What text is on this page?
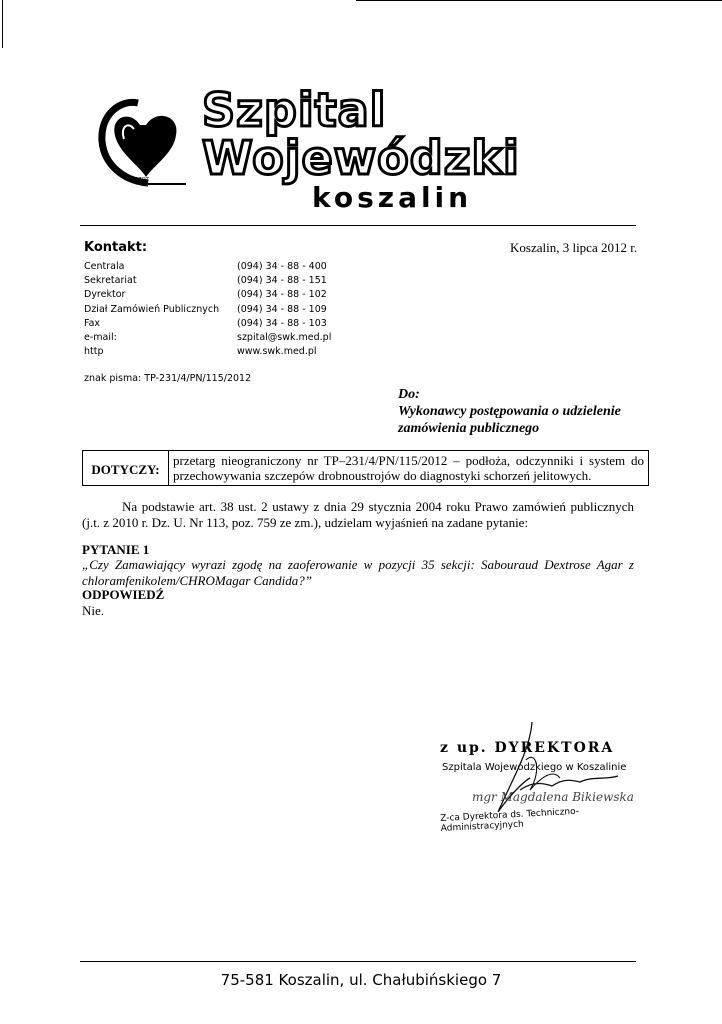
SPZOZ
Szpital
Wojewódzki
koszalin
Kontakt:
Centrala	(094) 34 - 88 - 400
Sekretariat	(094) 34 - 88 - 151
Dyrektor	(094) 34 - 88 - 102
Dział Zamówień Publicznych	(094) 34 - 88 - 109
Fax	(094) 34 - 88 - 103
e-mail:	szpital@swk.med.pl
http	www.swk.med.pl
Koszalin, 3 lipca 2012 r.
znak pisma: TP-231/4/PN/115/2012
Do:
Wykonawcy postępowania o udzielenie
zamówienia publicznego
DOTYCZY:
przetarg nieograniczony nr TP–231/4/PN/115/2012 – podłoża, odczynniki i system do przechowywania szczepów drobnoustrojów do diagnostyki schorzeń jelitowych.
Na podstawie art. 38 ust. 2 ustawy z dnia 29 stycznia 2004 roku Prawo zamówień publicznych (j.t. z 2010 r. Dz. U. Nr 113, poz. 759 ze zm.), udzielam wyjaśnień na zadane pytanie:
PYTANIE 1
„Czy Zamawiający wyrazi zgodę na zaoferowanie w pozycji 35 sekcji: Sabouraud Dextrose Agar z chloramfenikolem/CHROMagar Candida?”
ODPOWIEDŹ
Nie.
z up. DYREKTORA
Szpitala Wojewódzkiego w Koszalinie
mgr Magdalena Bikiewska
Z-ca Dyrektora ds. Techniczno-Administracyjnych
75-581 Koszalin, ul. Chałubińskiego 7
